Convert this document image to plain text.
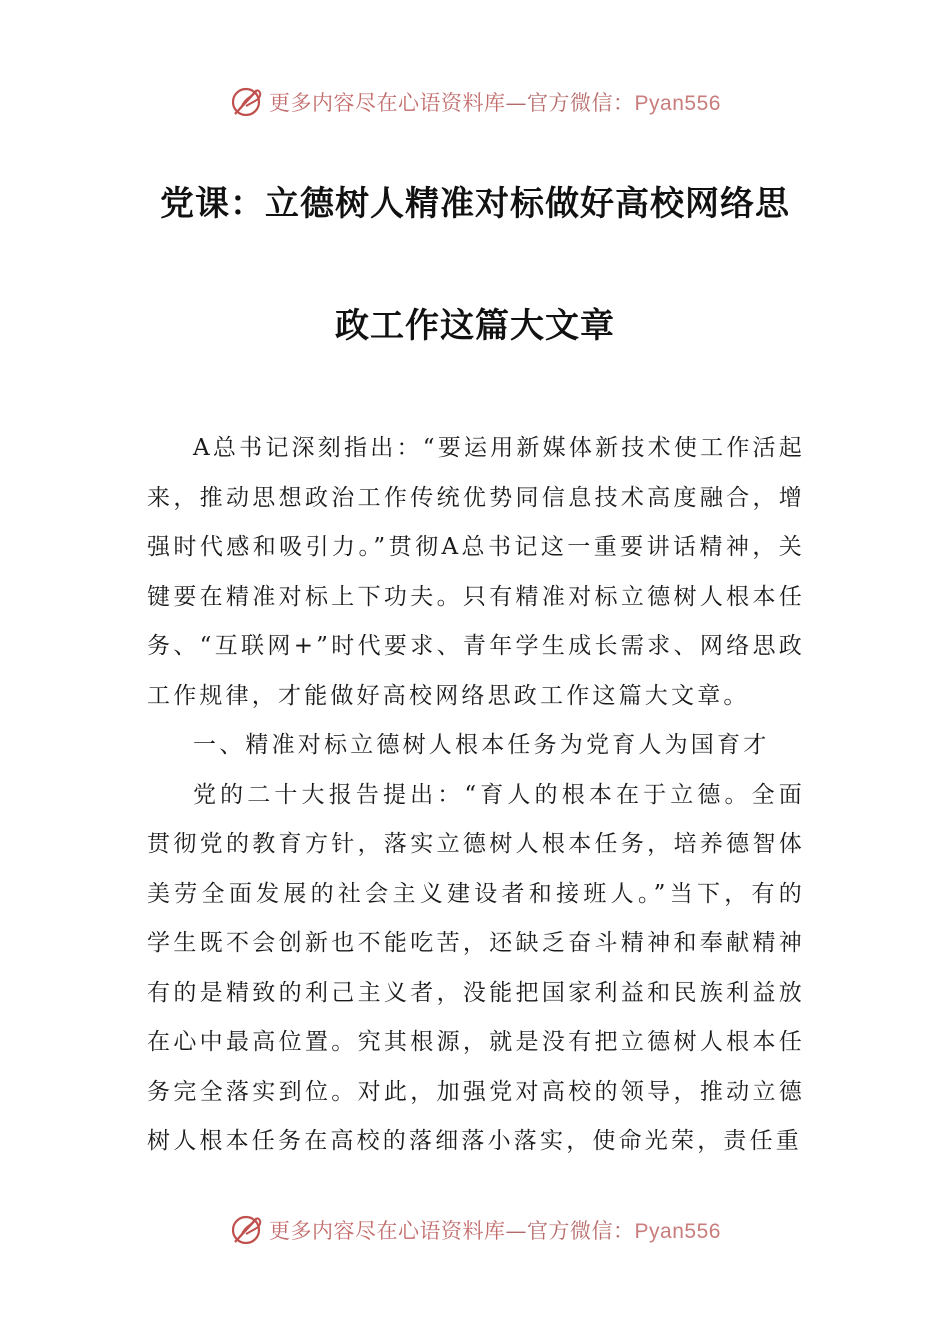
更多内容尽在心语资料库—官方微信：Pyan556
党课：立德树人精准对标做好高校网络思
政工作这篇大文章

A总书记深刻指出：“要运用新媒体新技术使工作活起来，推动思想政治工作传统优势同信息技术高度融合，增强时代感和吸引力。”贯彻A总书记这一重要讲话精神，关键要在精准对标上下功夫。只有精准对标立德树人根本任务、“互联网+”时代要求、青年学生成长需求、网络思政工作规律，才能做好高校网络思政工作这篇大文章。

一、精准对标立德树人根本任务为党育人为国育才

党的二十大报告提出：“育人的根本在于立德。全面贯彻党的教育方针，落实立德树人根本任务，培养德智体美劳全面发展的社会主义建设者和接班人。”当下，有的学生既不会创新也不能吃苦，还缺乏奋斗精神和奉献精神有的是精致的利己主义者，没能把国家利益和民族利益放在心中最高位置。究其根源，就是没有把立德树人根本任务完全落实到位。对此，加强党对高校的领导，推动立德树人根本任务在高校的落细落小落实，使命光荣，责任重

更多内容尽在心语资料库—官方微信：Pyan556
